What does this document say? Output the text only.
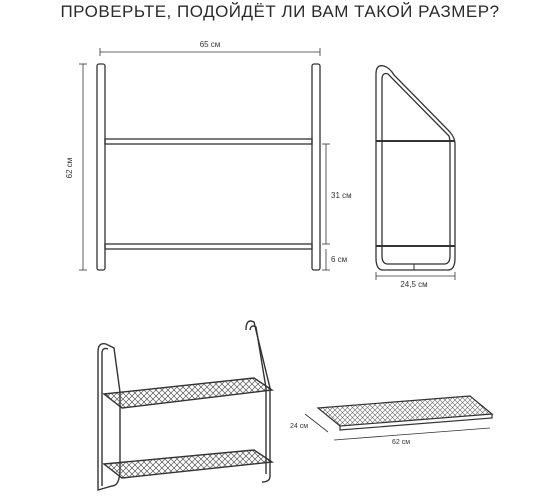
ПРОВЕРЬТЕ, ПОДОЙДЁТ ЛИ ВАМ ТАКОЙ РАЗМЕР?
65 см
62 см
31 см
6 см
24,5 см
24 см
62 см
